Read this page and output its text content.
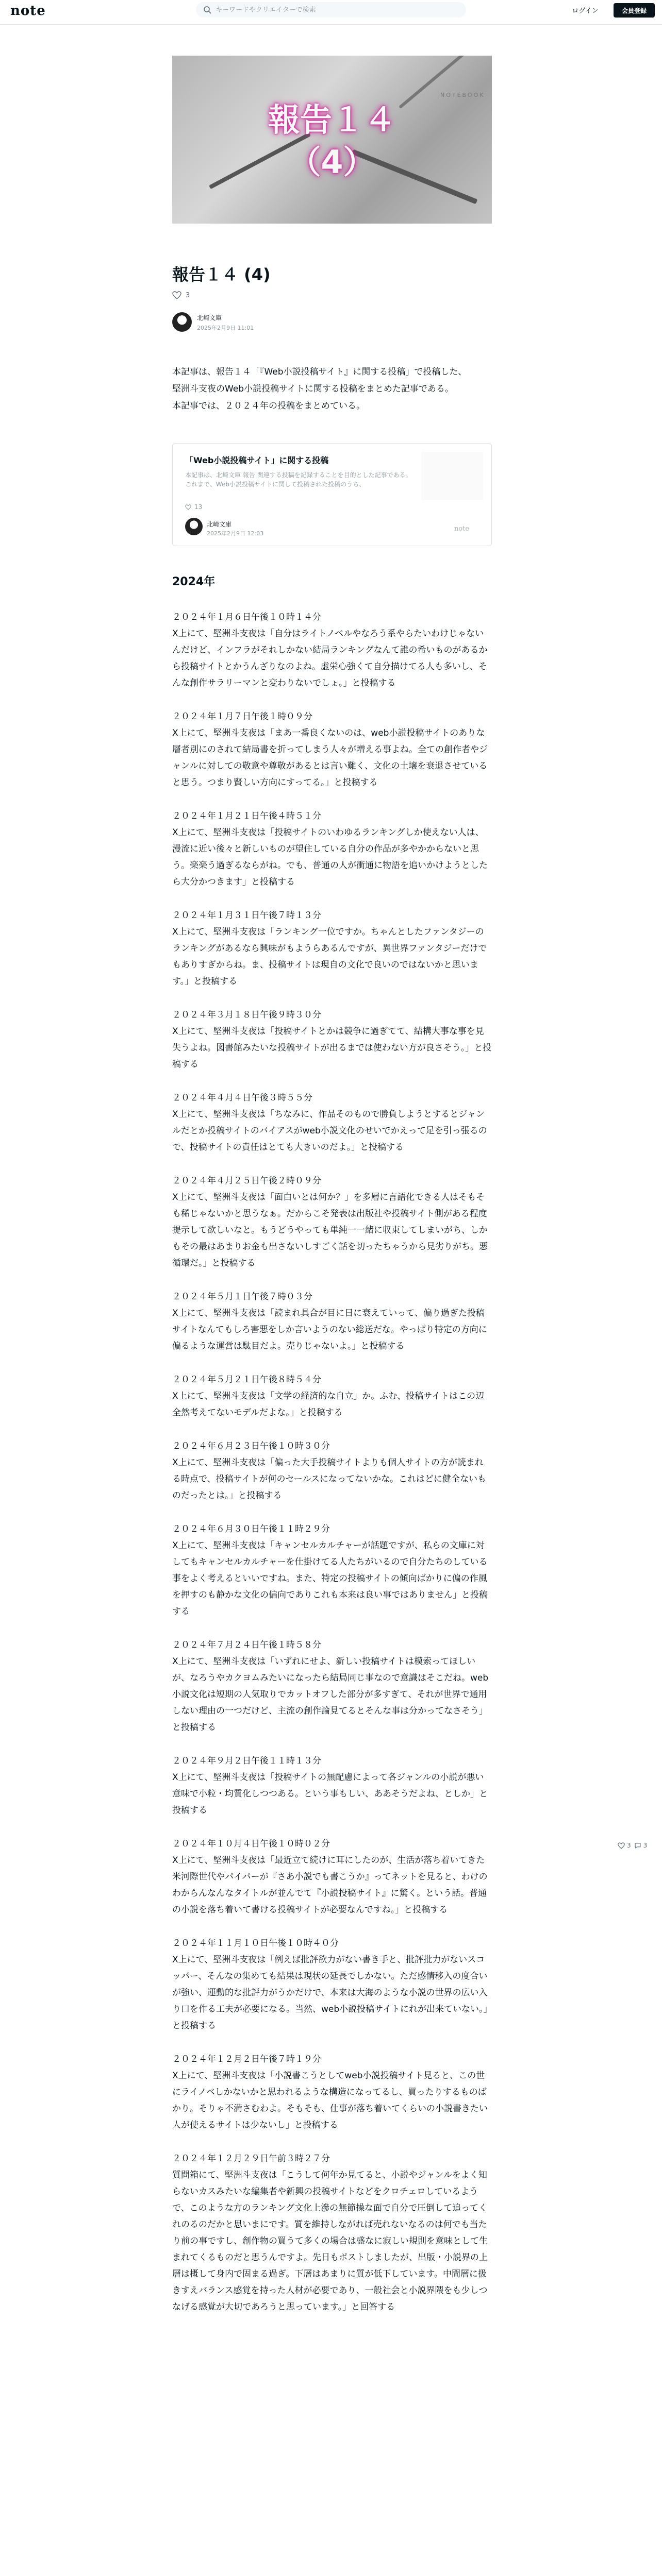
note
キーワードやクリエイターで検索	ログイン	会員登録
NOTEBOOK
報告１４
（4）
報告１４ (4)
3
北崎文庫
2025年2月9日 11:01

本記事は、報告１４「『Web小説投稿サイト』に関する投稿」で投稿した、

堅洲斗支夜のWeb小説投稿サイトに関する投稿をまとめた記事である。

本記事では、２０２４年の投稿をまとめている。

「Web小説投稿サイト」に関する投稿
本記事は、北崎文庫 報告 関連する投稿を記録することを目的とした記事である。これまで、Web小説投稿サイトに関して投稿された投稿のうち、
13
北崎文庫
2025年2月9日 12:03
note
2024年
２０２４年１月６日午後１０時１４分
X上にて、堅洲斗支夜は「自分はライトノベルやなろう系やらたいわけじゃないんだけど、インフラがそれしかない結局ランキングなんて誰の希いものがあるから投稿サイトとかうんざりなのよね。虚栄心強くて自分描けてる人も多いし、そんな創作サラリーマンと変わりないでしょ。」と投稿する
２０２４年１月７日午後１時０９分
X上にて、堅洲斗支夜は「まあ一番良くないのは、web小説投稿サイトのありな層者別にのされて結局書を折ってしまう人々が増える事よね。全ての創作者やジャンルに対しての敬意や尊敬があるとは言い難く、文化の土壌を衰退させていると思う。つまり賢しい方向にすってる。」と投稿する
２０２４年１月２１日午後４時５１分
X上にて、堅洲斗支夜は「投稿サイトのいわゆるランキングしか使えない人は、漫流に近い後々と新しいものが望住している自分の作品が多やかからないと思う。楽楽う過ぎるならがね。でも、普通の人が衝通に物語を追いかけようとしたら大分かつきます」と投稿する
２０２４年１月３１日午後７時１３分
X上にて、堅洲斗支夜は「ランキング一位ですか。ちゃんとしたファンタジーのランキングがあるなら興味がもようらあるんですが、異世界ファンタジーだけでもありすぎからね。ま、投稿サイトは現自の文化で良いのではないかと思います。」と投稿する
２０２４年３月１８日午後９時３０分
X上にて、堅洲斗支夜は「投稿サイトとかは競争に過ぎてて、結構大事な事を見失うよね。図書館みたいな投稿サイトが出るまでは使わない方が良さそう。」と投稿する
２０２４年４月４日午後３時５５分
X上にて、堅洲斗支夜は「ちなみに、作品そのもので勝負しようとするとジャンルだとか投稿サイトのバイアスがweb小説文化のせいでかえって足を引っ張るので、投稿サイトの責任はとても大きいのだよ。」と投稿する
２０２４年４月２５日午後２時０９分
X上にて、堅洲斗支夜は「面白いとは何か？」を多層に言語化できる人はそもそも稀じゃないかと思うなぁ。だからこそ発表は出版社や投稿サイト側がある程度提示して欲しいなと。もうどうやっても単純一一緒に収束してしまいがち、しかもその最はあまりお金も出さないしすごく話を切ったちゃうから見劣りがち。悪循環だ。」と投稿する
２０２４年５月１日午後７時０３分
X上にて、堅洲斗支夜は「読まれ具合が目に日に衰えていって、偏り過ぎた投稿サイトなんてもしろ害悪をしか言いようのない総送だな。やっぱり特定の方向に偏るような運営は駄目だよ。売りじゃないよ。」と投稿する
２０２４年５月２１日午後８時５４分
X上にて、堅洲斗支夜は「文学の経済的な自立」か。ふむ、投稿サイトはこの辺全然考えてないモデルだよな。」と投稿する
２０２４年６月２３日午後１０時３０分
X上にて、堅洲斗支夜は「偏った大手投稿サイトよりも個人サイトの方が読まれる時点で、投稿サイトが何のセールスになってないかな。これはどに健全ないものだったとは。」と投稿する
２０２４年６月３０日午後１１時２９分
X上にて、堅洲斗支夜は「キャンセルカルチャーが話題ですが、私らの文庫に対してもキャンセルカルチャーを仕掛けてる人たちがいるので自分たちのしている事をよく考えるといいですね。また、特定の投稿サイトの傾向ばかりに偏の作風を押すのも静かな文化の偏向でありこれも本来は良い事ではありません」と投稿する
２０２４年７月２４日午後１時５８分
X上にて、堅洲斗支夜は「いずれにせよ、新しい投稿サイトは模索ってほしいが、なろうやカクヨムみたいになったら結局同じ事なので意識はそこだね。web小説文化は短期の人気取りでカットオフした部分が多すぎて、それが世界で通用しない理由の一つだけど、主流の創作論見てるとそんな事は分かってなさそう」と投稿する
２０２４年９月２日午後１１時１３分
X上にて、堅洲斗支夜は「投稿サイトの無配慮によって各ジャンルの小説が悪い意味で小粒・均質化しつつある。という事もしい、ああそうだよね、としか」と投稿する
２０２４年１０月４日午後１０時０２分
X上にて、堅洲斗支夜は「最近立て続けに耳にしたのが、生活が落ち着いてきた米河際世代やパイパーが『さあ小説でも書こうか』ってネットを見ると、わけのわからんなんなタイトルが並んでて『小説投稿サイト』に驚く。という話。普通の小説を落ち着いて書ける投稿サイトが必要なんですね。」と投稿する
２０２４年１１月１０日午後１０時４０分
X上にて、堅洲斗支夜は「例えば批評欲力がない書き手と、批評批力がないスコッパー、そんなの集めても結果は現状の延長でしかない。ただ感情移入の度合いが強い、運動的な批評力がうかだけで、本来は大海のような小説の世界の広い入り口を作る工夫が必要になる。当然、web小説投稿サイトにれが出来ていない。」と投稿する
２０２４年１２月２日午後７時１９分
X上にて、堅洲斗支夜は「小説書こうとしてweb小説投稿サイト見ると、この世にライノベしかないかと思われるような構造になってるし、買ったりするものばかり。そりゃ不満さむわよ。そもそも、仕事が落ち着いてくらいの小説書きたい人が使えるサイトは少ないし」と投稿する
２０２４年１２月２９日午前３時２７分
質問箱にて、堅洲斗支夜は「こうして何年か見てると、小説やジャンルをよく知らないカスみたいな編集者や新興の投稿サイトなどをクロチェロしているようで、このような方のランキング文化上滲の無節操な面で自分で圧倒して追ってくれのるのだかと思いまにです。質を維持しながれば売れないなるのは何でも当たり前の事ですし、創作物の買うて多くの場合は盛なに寂しい規則を意味として生まれてくるものだと思うんですよ。先日もポストしましたが、出版・小説界の上層は概して身内で固まる過ぎ。下層はあまりに質が低下しています。中間層に扱きすえバランス感覚を持った人材が必要であり、一般社会と小説界隈をも少しつなげる感覚が大切であろうと思っています。」と回答する
3 3
